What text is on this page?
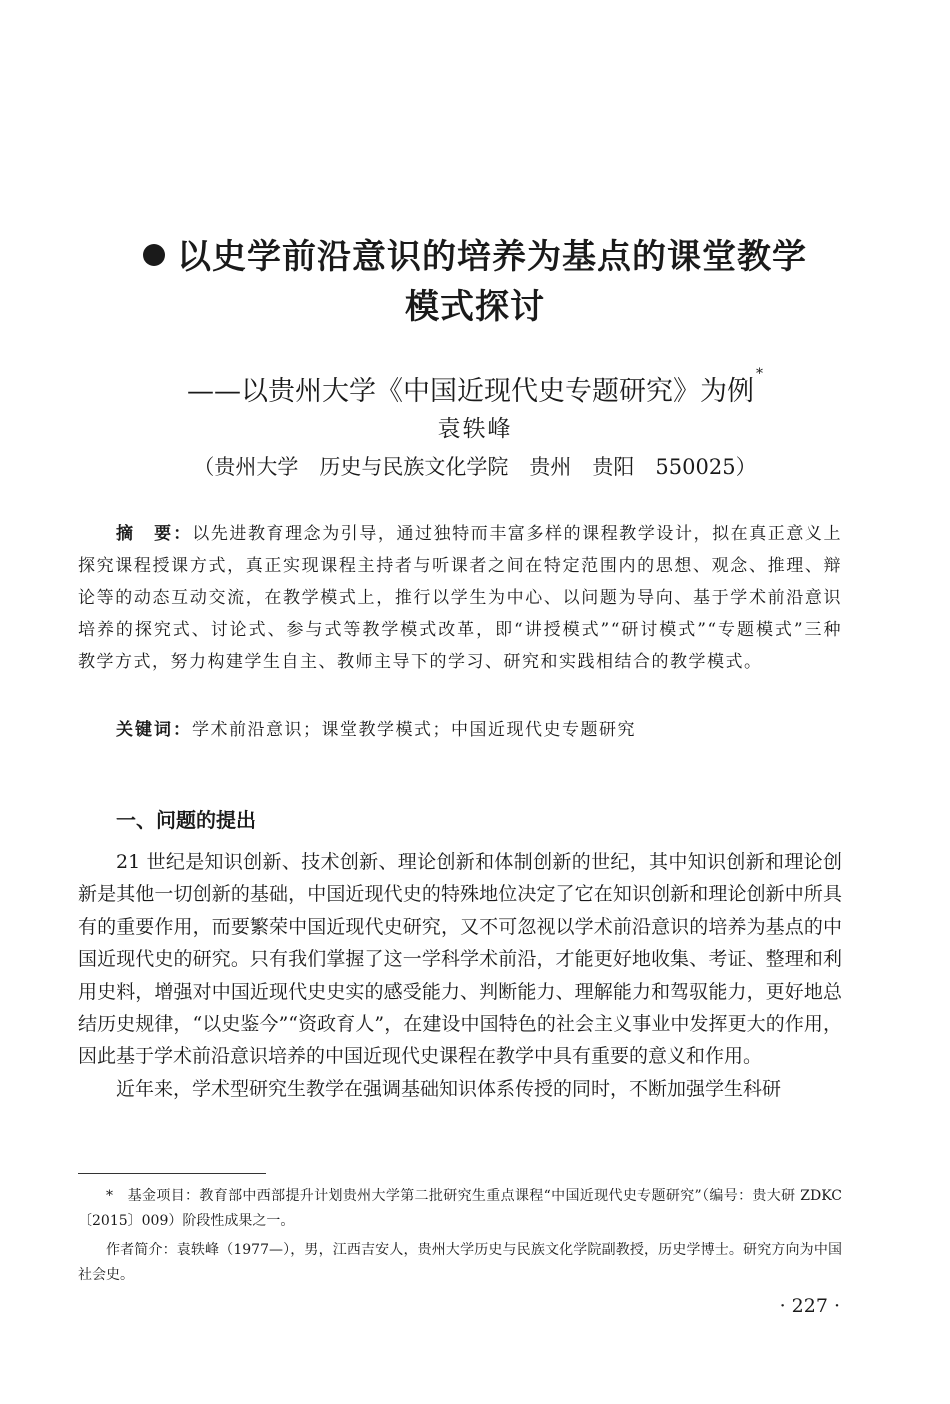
以史学前沿意识的培养为基点的课堂教学
模式探讨
——以贵州大学《中国近现代史专题研究》为例*
袁轶峰
（贵州大学　历史与民族文化学院　贵州　贵阳　550025）
摘　要：以先进教育理念为引导，通过独特而丰富多样的课程教学设计，拟在真正意义上探究课程授课方式，真正实现课程主持者与听课者之间在特定范围内的思想、观念、推理、辩论等的动态互动交流，在教学模式上，推行以学生为中心、以问题为导向、基于学术前沿意识培养的探究式、讨论式、参与式等教学模式改革，即“讲授模式”“研讨模式”“专题模式”三种教学方式，努力构建学生自主、教师主导下的学习、研究和实践相结合的教学模式。
关键词：学术前沿意识；课堂教学模式；中国近现代史专题研究
一、问题的提出

21 世纪是知识创新、技术创新、理论创新和体制创新的世纪，其中知识创新和理论创新是其他一切创新的基础，中国近现代史的特殊地位决定了它在知识创新和理论创新中所具有的重要作用，而要繁荣中国近现代史研究，又不可忽视以学术前沿意识的培养为基点的中国近现代史的研究。只有我们掌握了这一学科学术前沿，才能更好地收集、考证、整理和利用史料，增强对中国近现代史史实的感受能力、判断能力、理解能力和驾驭能力，更好地总结历史规律，“以史鉴今”“资政育人”，在建设中国特色的社会主义事业中发挥更大的作用，因此基于学术前沿意识培养的中国近现代史课程在教学中具有重要的意义和作用。

近年来，学术型研究生教学在强调基础知识体系传授的同时，不断加强学生科研

*　基金项目：教育部中西部提升计划贵州大学第二批研究生重点课程“中国近现代史专题研究”（编号：贵大研 ZDKC〔2015〕009）阶段性成果之一。

作者简介：袁轶峰（1977—），男，江西吉安人，贵州大学历史与民族文化学院副教授，历史学博士。研究方向为中国社会史。

· 227 ·
